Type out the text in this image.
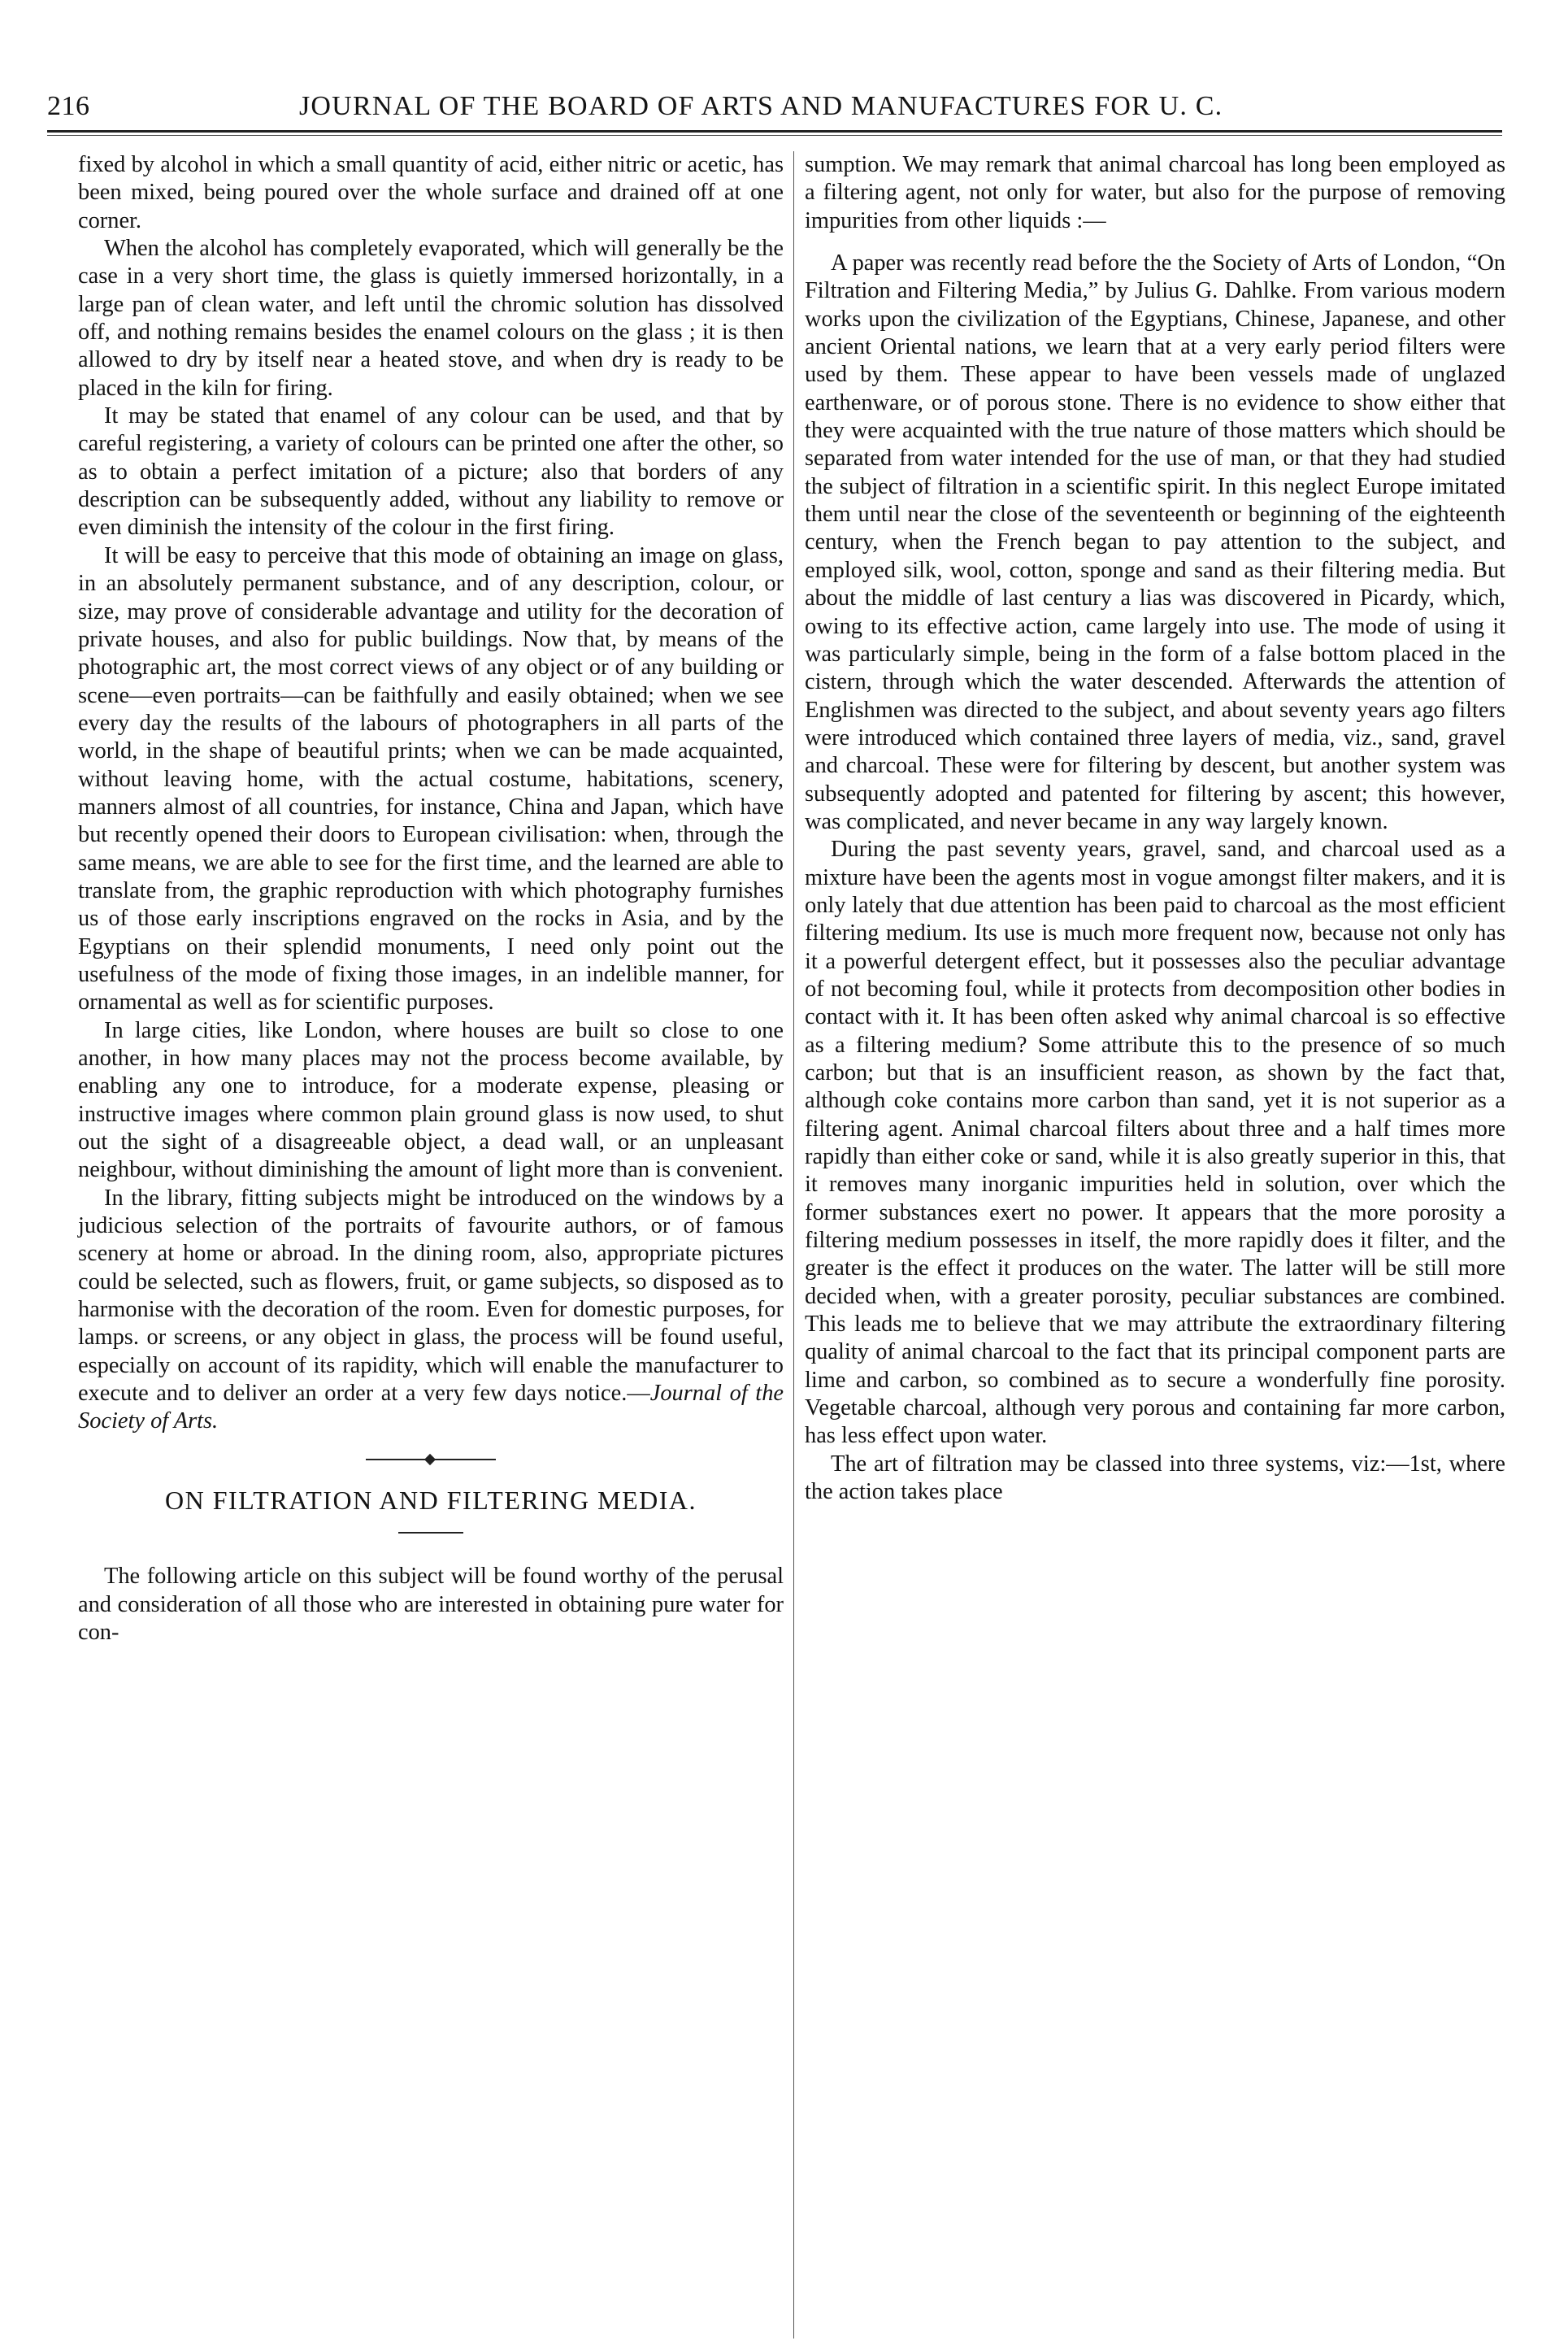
216	JOURNAL OF THE BOARD OF ARTS AND MANUFACTURES FOR U. C.

fixed by alcohol in which a small quantity of acid, either nitric or acetic, has been mixed, being poured over the whole surface and drained off at one corner.

When the alcohol has completely evaporated, which will generally be the case in a very short time, the glass is quietly immersed horizontally, in a large pan of clean water, and left until the chromic solution has dissolved off, and nothing remains besides the enamel colours on the glass ; it is then allowed to dry by itself near a heated stove, and when dry is ready to be placed in the kiln for firing.

It may be stated that enamel of any colour can be used, and that by careful registering, a variety of colours can be printed one after the other, so as to obtain a perfect imitation of a picture; also that borders of any description can be subsequently added, without any liability to remove or even diminish the intensity of the colour in the first firing.

It will be easy to perceive that this mode of obtaining an image on glass, in an absolutely permanent substance, and of any description, colour, or size, may prove of considerable advantage and utility for the decoration of private houses, and also for public buildings. Now that, by means of the photographic art, the most correct views of any object or of any building or scene—even portraits—can be faithfully and easily obtained; when we see every day the results of the labours of photographers in all parts of the world, in the shape of beautiful prints; when we can be made acquainted, without leaving home, with the actual costume, habitations, scenery, manners almost of all countries, for instance, China and Japan, which have but recently opened their doors to European civilisation: when, through the same means, we are able to see for the first time, and the learned are able to translate from, the graphic reproduction with which photography furnishes us of those early inscriptions engraved on the rocks in Asia, and by the Egyptians on their splendid monuments, I need only point out the usefulness of the mode of fixing those images, in an indelible manner, for ornamental as well as for scientific purposes.

In large cities, like London, where houses are built so close to one another, in how many places may not the process become available, by enabling any one to introduce, for a moderate expense, pleasing or instructive images where common plain ground glass is now used, to shut out the sight of a disagreeable object, a dead wall, or an unpleasant neighbour, without diminishing the amount of light more than is convenient.

In the library, fitting subjects might be introduced on the windows by a judicious selection of the portraits of favourite authors, or of famous scenery at home or abroad. In the dining room, also, appropriate pictures could be selected, such as flowers, fruit, or game subjects, so disposed as to harmonise with the decoration of the room. Even for domestic purposes, for lamps. or screens, or any object in glass, the process will be found useful, especially on account of its rapidity, which will enable the manufacturer to execute and to deliver an order at a very few days notice.—Journal of the Society of Arts.

ON FILTRATION AND FILTERING MEDIA.

The following article on this subject will be found worthy of the perusal and consideration of all those who are interested in obtaining pure water for con-

sumption. We may remark that animal charcoal has long been employed as a filtering agent, not only for water, but also for the purpose of removing impurities from other liquids :—

A paper was recently read before the the Society of Arts of London, “On Filtration and Filtering Media,” by Julius G. Dahlke. From various modern works upon the civilization of the Egyptians, Chinese, Japanese, and other ancient Oriental nations, we learn that at a very early period filters were used by them. These appear to have been vessels made of unglazed earthenware, or of porous stone. There is no evidence to show either that they were acquainted with the true nature of those matters which should be separated from water intended for the use of man, or that they had studied the subject of filtration in a scientific spirit. In this neglect Europe imitated them until near the close of the seventeenth or beginning of the eighteenth century, when the French began to pay attention to the subject, and employed silk, wool, cotton, sponge and sand as their filtering media. But about the middle of last century a lias was discovered in Picardy, which, owing to its effective action, came largely into use. The mode of using it was particularly simple, being in the form of a false bottom placed in the cistern, through which the water descended. Afterwards the attention of Englishmen was directed to the subject, and about seventy years ago filters were introduced which contained three layers of media, viz., sand, gravel and charcoal. These were for filtering by descent, but another system was subsequently adopted and patented for filtering by ascent; this however, was complicated, and never became in any way largely known.

During the past seventy years, gravel, sand, and charcoal used as a mixture have been the agents most in vogue amongst filter makers, and it is only lately that due attention has been paid to charcoal as the most efficient filtering medium. Its use is much more frequent now, because not only has it a powerful detergent effect, but it possesses also the peculiar advantage of not becoming foul, while it protects from decomposition other bodies in contact with it. It has been often asked why animal charcoal is so effective as a filtering medium? Some attribute this to the presence of so much carbon; but that is an insufficient reason, as shown by the fact that, although coke contains more carbon than sand, yet it is not superior as a filtering agent. Animal charcoal filters about three and a half times more rapidly than either coke or sand, while it is also greatly superior in this, that it removes many inorganic impurities held in solution, over which the former substances exert no power. It appears that the more porosity a filtering medium possesses in itself, the more rapidly does it filter, and the greater is the effect it produces on the water. The latter will be still more decided when, with a greater porosity, peculiar substances are combined. This leads me to believe that we may attribute the extraordinary filtering quality of animal charcoal to the fact that its principal component parts are lime and carbon, so combined as to secure a wonderfully fine porosity. Vegetable charcoal, although very porous and containing far more carbon, has less effect upon water.

The art of filtration may be classed into three systems, viz:—1st, where the action takes place
